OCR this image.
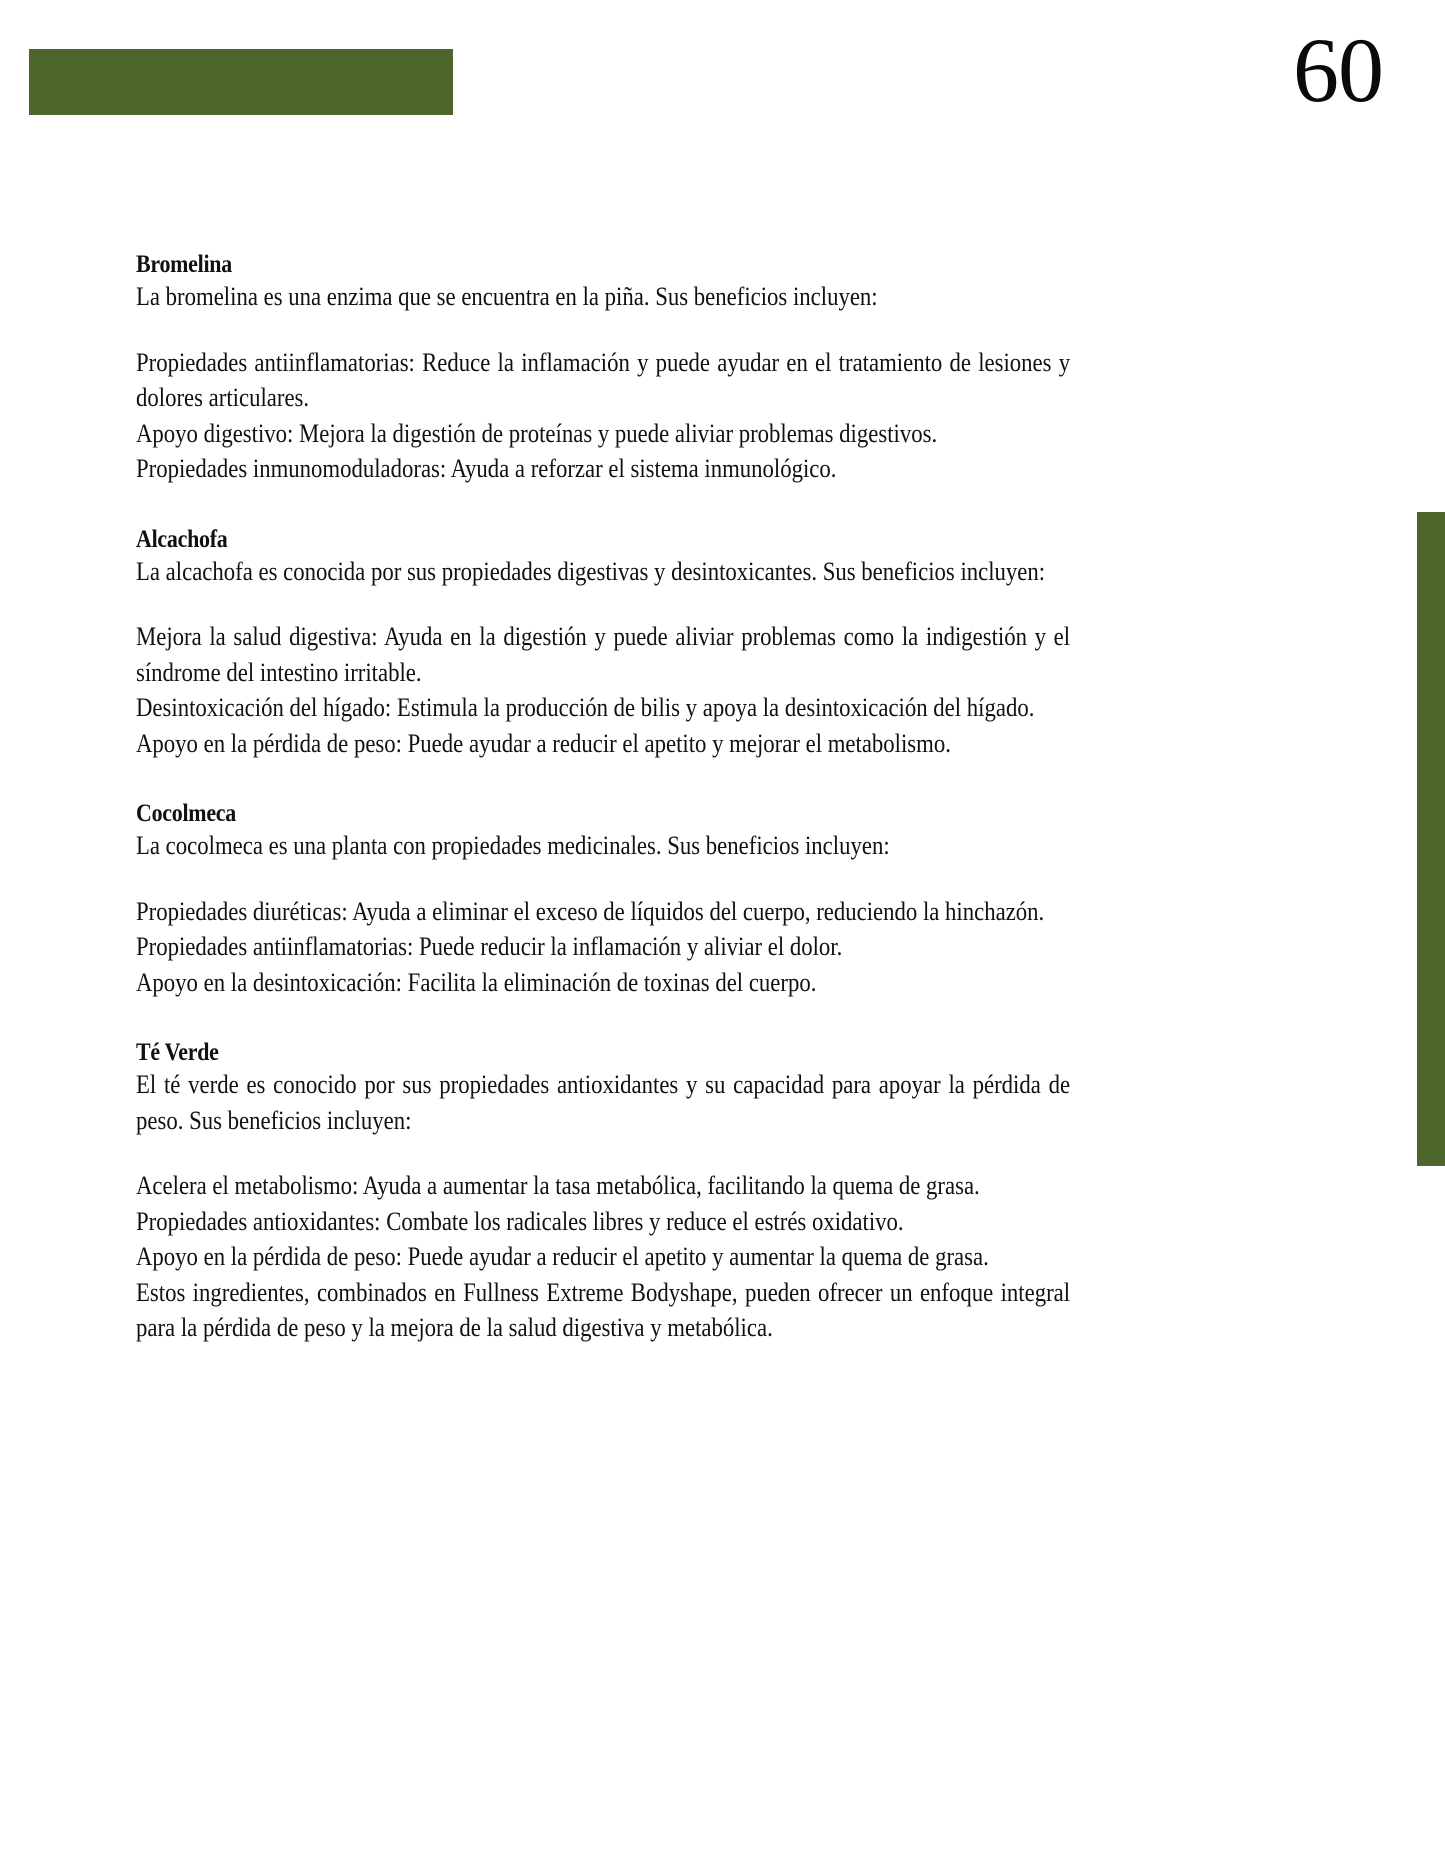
60
Bromelina

La bromelina es una enzima que se encuentra en la piña. Sus beneficios incluyen:

Propiedades antiinflamatorias: Reduce la inflamación y puede ayudar en el tratamiento de lesiones y dolores articulares.

Apoyo digestivo: Mejora la digestión de proteínas y puede aliviar problemas digestivos.

Propiedades inmunomoduladoras: Ayuda a reforzar el sistema inmunológico.

Alcachofa

La alcachofa es conocida por sus propiedades digestivas y desintoxicantes. Sus beneficios incluyen:

Mejora la salud digestiva: Ayuda en la digestión y puede aliviar problemas como la indigestión y el síndrome del intestino irritable.

Desintoxicación del hígado: Estimula la producción de bilis y apoya la desintoxicación del hígado.

Apoyo en la pérdida de peso: Puede ayudar a reducir el apetito y mejorar el metabolismo.

Cocolmeca

La cocolmeca es una planta con propiedades medicinales. Sus beneficios incluyen:

Propiedades diuréticas: Ayuda a eliminar el exceso de líquidos del cuerpo, reduciendo la hinchazón.

Propiedades antiinflamatorias: Puede reducir la inflamación y aliviar el dolor.

Apoyo en la desintoxicación: Facilita la eliminación de toxinas del cuerpo.

Té Verde

El té verde es conocido por sus propiedades antioxidantes y su capacidad para apoyar la pérdida de peso. Sus beneficios incluyen:

Acelera el metabolismo: Ayuda a aumentar la tasa metabólica, facilitando la quema de grasa.

Propiedades antioxidantes: Combate los radicales libres y reduce el estrés oxidativo.

Apoyo en la pérdida de peso: Puede ayudar a reducir el apetito y aumentar la quema de grasa.

Estos ingredientes, combinados en Fullness Extreme Bodyshape, pueden ofrecer un enfoque integral para la pérdida de peso y la mejora de la salud digestiva y metabólica.
